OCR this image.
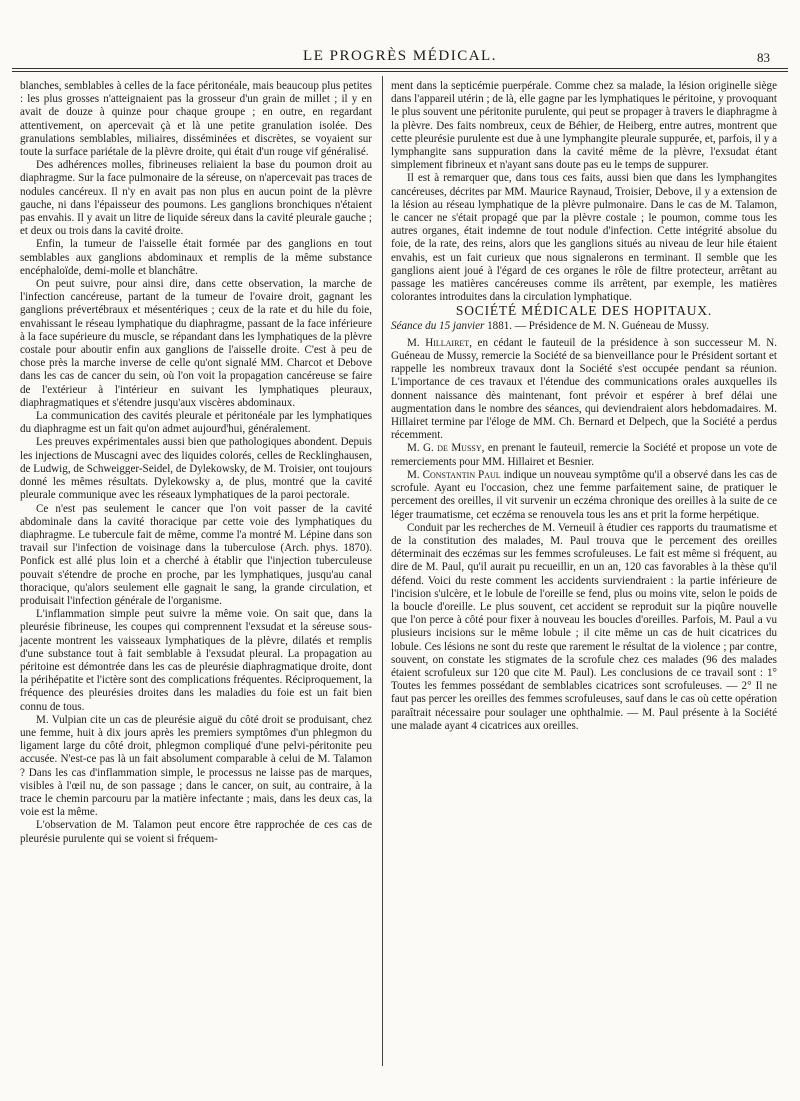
LE PROGRÈS MÉDICAL.	83

blanches, semblables à celles de la face péritonéale, mais beaucoup plus petites : les plus grosses n'atteignaient pas la grosseur d'un grain de millet ; il y en avait de douze à quinze pour chaque groupe ; en outre, en regardant attentivement, on apercevait çà et là une petite granulation isolée. Des granulations semblables, miliaires, disséminées et discrètes, se voyaient sur toute la surface pariétale de la plèvre droite, qui était d'un rouge vif généralisé.

Des adhérences molles, fibrineuses reliaient la base du poumon droit au diaphragme. Sur la face pulmonaire de la séreuse, on n'apercevait pas traces de nodules cancéreux. Il n'y en avait pas non plus en aucun point de la plèvre gauche, ni dans l'épaisseur des poumons. Les ganglions bronchiques n'étaient pas envahis. Il y avait un litre de liquide séreux dans la cavité pleurale gauche ; et deux ou trois dans la cavité droite.

Enfin, la tumeur de l'aisselle était formée par des ganglions en tout semblables aux ganglions abdominaux et remplis de la même substance encéphaloïde, demi-molle et blanchâtre.

On peut suivre, pour ainsi dire, dans cette observation, la marche de l'infection cancéreuse, partant de la tumeur de l'ovaire droit, gagnant les ganglions prévertébraux et mésentériques ; ceux de la rate et du hile du foie, envahissant le réseau lymphatique du diaphragme, passant de la face inférieure à la face supérieure du muscle, se répandant dans les lymphatiques de la plèvre costale pour aboutir enfin aux ganglions de l'aisselle droite. C'est à peu de chose près la marche inverse de celle qu'ont signalé MM. Charcot et Debove dans les cas de cancer du sein, où l'on voit la propagation cancéreuse se faire de l'extérieur à l'intérieur en suivant les lymphatiques pleuraux, diaphragmatiques et s'étendre jusqu'aux viscères abdominaux.

La communication des cavités pleurale et péritonéale par les lymphatiques du diaphragme est un fait qu'on admet aujourd'hui, généralement.

Les preuves expérimentales aussi bien que pathologiques abondent. Depuis les injections de Muscagni avec des liquides colorés, celles de Recklinghausen, de Ludwig, de Schweigger-Seidel, de Dylekowsky, de M. Troisier, ont toujours donné les mêmes résultats. Dylekowsky a, de plus, montré que la cavité pleurale communique avec les réseaux lymphatiques de la paroi pectorale.

Ce n'est pas seulement le cancer que l'on voit passer de la cavité abdominale dans la cavité thoracique par cette voie des lymphatiques du diaphragme. Le tubercule fait de même, comme l'a montré M. Lépine dans son travail sur l'infection de voisinage dans la tuberculose (Arch. phys. 1870). Ponfick est allé plus loin et a cherché à établir que l'injection tuberculeuse pouvait s'étendre de proche en proche, par les lymphatiques, jusqu'au canal thoracique, qu'alors seulement elle gagnait le sang, la grande circulation, et produisait l'infection générale de l'organisme.

L'inflammation simple peut suivre la même voie. On sait que, dans la pleurésie fibrineuse, les coupes qui comprennent l'exsudat et la séreuse sous-jacente montrent les vaisseaux lymphatiques de la plèvre, dilatés et remplis d'une substance tout à fait semblable à l'exsudat pleural. La propagation au péritoine est démontrée dans les cas de pleurésie diaphragmatique droite, dont la périhépatite et l'ictère sont des complications fréquentes. Réciproquement, la fréquence des pleurésies droites dans les maladies du foie est un fait bien connu de tous.

M. Vulpian cite un cas de pleurésie aiguë du côté droit se produisant, chez une femme, huit à dix jours après les premiers symptômes d'un phlegmon du ligament large du côté droit, phlegmon compliqué d'une pelvi-péritonite peu accusée. N'est-ce pas là un fait absolument comparable à celui de M. Talamon ? Dans les cas d'inflammation simple, le processus ne laisse pas de marques, visibles à l'œil nu, de son passage ; dans le cancer, on suit, au contraire, à la trace le chemin parcouru par la matière infectante ; mais, dans les deux cas, la voie est la même.

L'observation de M. Talamon peut encore être rapprochée de ces cas de pleurésie purulente qui se voient si fréquem-

ment dans la septicémie puerpérale. Comme chez sa malade, la lésion originelle siège dans l'appareil utérin ; de là, elle gagne par les lymphatiques le péritoine, y provoquant le plus souvent une péritonite purulente, qui peut se propager à travers le diaphragme à la plèvre. Des faits nombreux, ceux de Béhier, de Heiberg, entre autres, montrent que cette pleurésie purulente est due à une lymphangite pleurale suppurée, et, parfois, il y a lymphangite sans suppuration dans la cavité même de la plèvre, l'exsudat étant simplement fibrineux et n'ayant sans doute pas eu le temps de suppurer.

Il est à remarquer que, dans tous ces faits, aussi bien que dans les lymphangites cancéreuses, décrites par MM. Maurice Raynaud, Troisier, Debove, il y a extension de la lésion au réseau lymphatique de la plèvre pulmonaire. Dans le cas de M. Talamon, le cancer ne s'était propagé que par la plèvre costale ; le poumon, comme tous les autres organes, était indemne de tout nodule d'infection. Cette intégrité absolue du foie, de la rate, des reins, alors que les ganglions situés au niveau de leur hile étaient envahis, est un fait curieux que nous signalerons en terminant. Il semble que les ganglions aient joué à l'égard de ces organes le rôle de filtre protecteur, arrêtant au passage les matières cancéreuses comme ils arrêtent, par exemple, les matières colorantes introduites dans la circulation lymphatique.

SOCIÉTÉ MÉDICALE DES HOPITAUX.

Séance du 15 janvier 1881. — Présidence de M. N. Guéneau de Mussy.

M. Hillairet, en cédant le fauteuil de la présidence à son successeur M. N. Guéneau de Mussy, remercie la Société de sa bienveillance pour le Président sortant et rappelle les nombreux travaux dont la Société s'est occupée pendant sa réunion. L'importance de ces travaux et l'étendue des communications orales auxquelles ils donnent naissance dès maintenant, font prévoir et espérer à bref délai une augmentation dans le nombre des séances, qui deviendraient alors hebdomadaires. M. Hillairet termine par l'éloge de MM. Ch. Bernard et Delpech, que la Société a perdus récemment.

M. G. de Mussy, en prenant le fauteuil, remercie la Société et propose un vote de remerciements pour MM. Hillairet et Besnier.

M. Constantin Paul indique un nouveau symptôme qu'il a observé dans les cas de scrofule. Ayant eu l'occasion, chez une femme parfaitement saine, de pratiquer le percement des oreilles, il vit survenir un eczéma chronique des oreilles à la suite de ce léger traumatisme, cet eczéma se renouvela tous les ans et prit la forme herpétique.

Conduit par les recherches de M. Verneuil à étudier ces rapports du traumatisme et de la constitution des malades, M. Paul trouva que le percement des oreilles déterminait des eczémas sur les femmes scrofuleuses. Le fait est même si fréquent, au dire de M. Paul, qu'il aurait pu recueillir, en un an, 120 cas favorables à la thèse qu'il défend. Voici du reste comment les accidents surviendraient : la partie inférieure de l'incision s'ulcère, et le lobule de l'oreille se fend, plus ou moins vite, selon le poids de la boucle d'oreille. Le plus souvent, cet accident se reproduit sur la piqûre nouvelle que l'on perce à côté pour fixer à nouveau les boucles d'oreilles. Parfois, M. Paul a vu plusieurs incisions sur le même lobule ; il cite même un cas de huit cicatrices du lobule. Ces lésions ne sont du reste que rarement le résultat de la violence ; par contre, souvent, on constate les stigmates de la scrofule chez ces malades (96 des malades étaient scrofuleux sur 120 que cite M. Paul). Les conclusions de ce travail sont : 1° Toutes les femmes possédant de semblables cicatrices sont scrofuleuses. — 2° Il ne faut pas percer les oreilles des femmes scrofuleuses, sauf dans le cas où cette opération paraîtrait nécessaire pour soulager une ophthalmie. — M. Paul présente à la Société une malade ayant 4 cicatrices aux oreilles.
